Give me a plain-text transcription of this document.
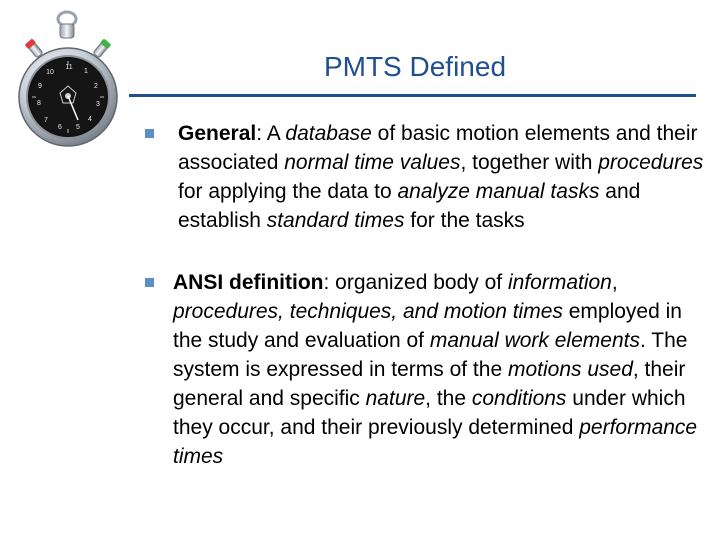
1
2
3
4
5
6
7
8
9
10
11	PMTS Defined
General: A database of basic motion elements and their associated normal time values, together with procedures for applying the data to analyze manual tasks and establish standard times for the tasks
ANSI definition: organized body of information, procedures, techniques, and motion times employed in the study and evaluation of manual work elements. The system is expressed in terms of the motions used, their general and specific nature, the conditions under which they occur, and their previously determined performance times
